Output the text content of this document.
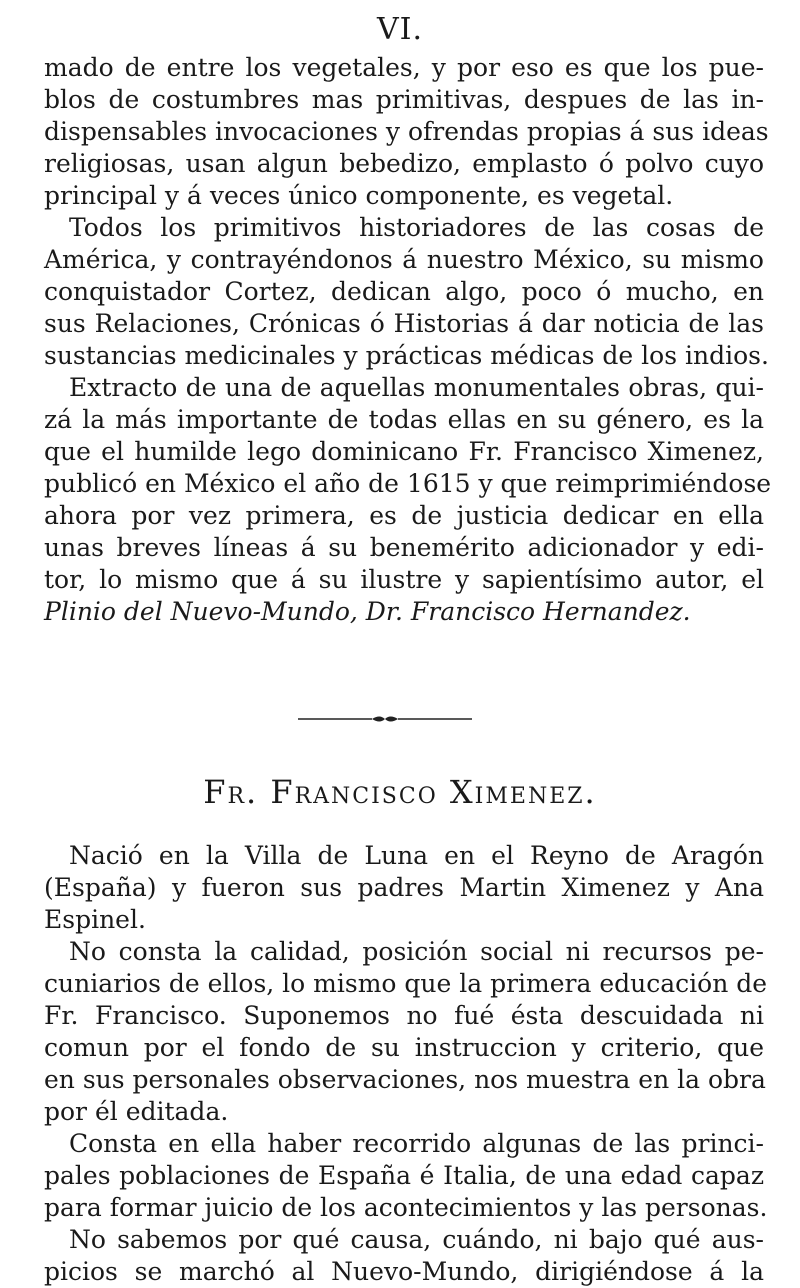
VI.
mado de entre los vegetales, y por eso es que los pue-
blos de costumbres mas primitivas, despues de las in-
dispensables invocaciones y ofrendas propias á sus ideas
religiosas, usan algun bebedizo, emplasto ó polvo cuyo
principal y á veces único componente, es vegetal.
Todos los primitivos historiadores de las cosas de
América, y contrayéndonos á nuestro México, su mismo
conquistador Cortez, dedican algo, poco ó mucho, en
sus Relaciones, Crónicas ó Historias á dar noticia de las
sustancias medicinales y prácticas médicas de los indios.
Extracto de una de aquellas monumentales obras, qui-
zá la más importante de todas ellas en su género, es la
que el humilde lego dominicano Fr. Francisco Ximenez,
publicó en México el año de 1615 y que reimprimiéndose
ahora por vez primera, es de justicia dedicar en ella
unas breves líneas á su benemérito adicionador y edi-
tor, lo mismo que á su ilustre y sapientísimo autor, el
Plinio del Nuevo-Mundo, Dr. Francisco Hernandez.
Fr. Francisco Ximenez.
Nació en la Villa de Luna en el Reyno de Aragón
(España) y fueron sus padres Martin Ximenez y Ana
Espinel.
No consta la calidad, posición social ni recursos pe-
cuniarios de ellos, lo mismo que la primera educación de
Fr. Francisco. Suponemos no fué ésta descuidada ni
comun por el fondo de su instruccion y criterio, que
en sus personales observaciones, nos muestra en la obra
por él editada.
Consta en ella haber recorrido algunas de las princi-
pales poblaciones de España é Italia, de una edad capaz
para formar juicio de los acontecimientos y las personas.
No sabemos por qué causa, cuándo, ni bajo qué aus-
picios se marchó al Nuevo-Mundo, dirigiéndose á la
